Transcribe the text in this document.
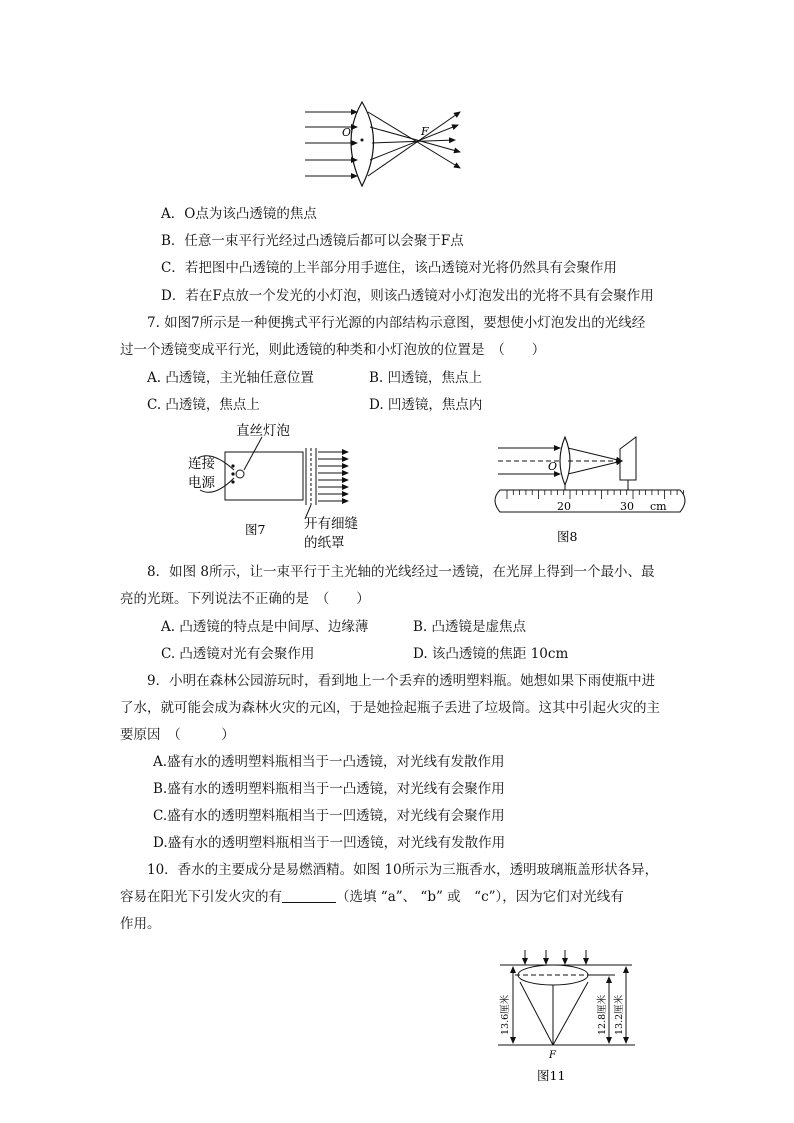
O	F
A．O点为该凸透镜的焦点
B．任意一束平行光经过凸透镜后都可以会聚于F点
C．若把图中凸透镜的上半部分用手遮住，该凸透镜对光将仍然具有会聚作用
D．若在F点放一个发光的小灯泡，则该凸透镜对小灯泡发出的光将不具有会聚作用
7. 如图7所示是一种便携式平行光源的内部结构示意图，要想使小灯泡发出的光线经
过一个透镜变成平行光，则此透镜的种类和小灯泡放的位置是　（　　）
A. 凸透镜，主光轴任意位置	B. 凹透镜，焦点上
C. 凸透镜，焦点上	D. 凹透镜，焦点内
直丝灯泡
连接
电源
图7	开有细缝
的纸罩
O
20	30 cm
图8
8．如图 8所示，让一束平行于主光轴的光线经过一透镜，在光屏上得到一个最小、最
亮的光斑。下列说法不正确的是　（　　）
A. 凸透镜的特点是中间厚、边缘薄	B. 凸透镜是虚焦点
C. 凸透镜对光有会聚作用	D. 该凸透镜的焦距 10cm
9．小明在森林公园游玩时，看到地上一个丢弃的透明塑料瓶。她想如果下雨使瓶中进
了水，就可能会成为森林火灾的元凶，于是她捡起瓶子丢进了垃圾筒。这其中引起火灾的主
要原因　（　　　）
A.盛有水的透明塑料瓶相当于一凸透镜，对光线有发散作用
B.盛有水的透明塑料瓶相当于一凸透镜，对光线有会聚作用
C.盛有水的透明塑料瓶相当于一凹透镜，对光线有会聚作用
D.盛有水的透明塑料瓶相当于一凹透镜，对光线有发散作用
10．香水的主要成分是易燃酒精。如图 10所示为三瓶香水，透明玻璃瓶盖形状各异，
容易在阳光下引发火灾的有	（选填 “a”、 “b” 或　“c”），因为它们对光线有
作用。
13.6厘米	12.8厘米 13.2厘米
F
图11
